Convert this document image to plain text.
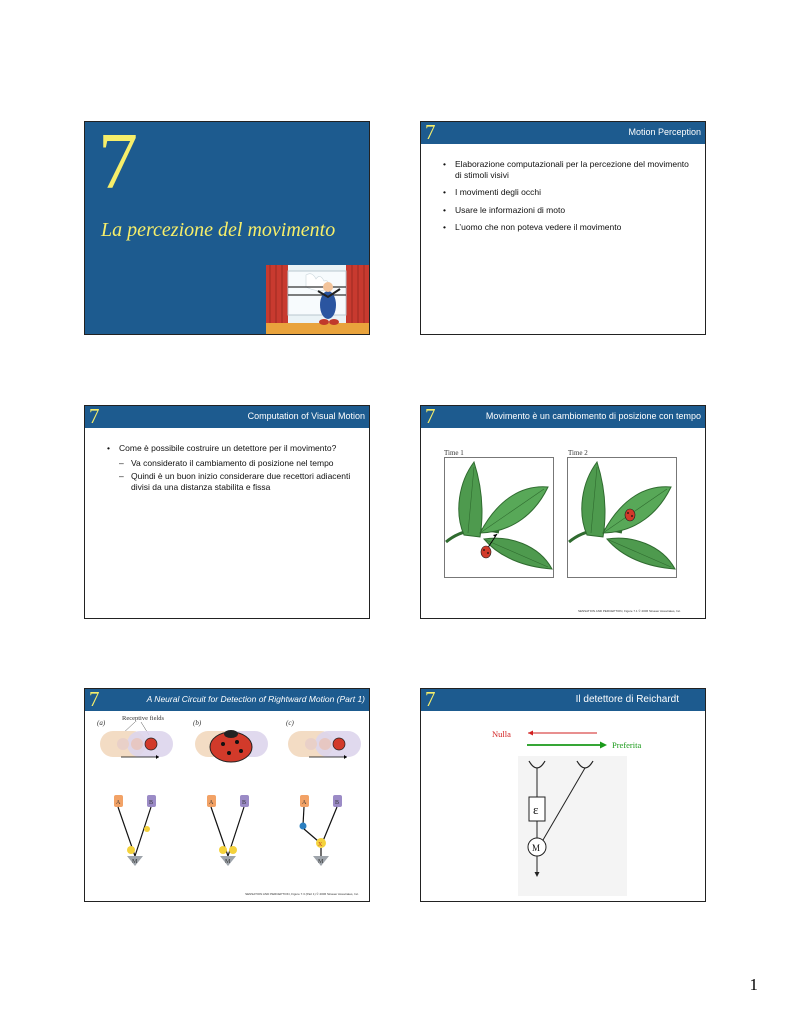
7
La percezione del movimento
7	Motion Perception
• Elaborazione computazionali per la percezione del movimento di stimoli visivi
• I movimenti degli occhi
• Usare le informazioni di moto
• L’uomo che non poteva vedere il movimento
7	Computation of Visual Motion
• Come è possibile costruire un detettore per il movimento?
– Va considerato il cambiamento di posizione nel tempo
– Quindi è un buon inizio considerare due recettori adiacenti divisi da una distanza stabilita e fissa
7	Movimento è un cambiomento di posizione con tempo
Time 1	Time 2
SENSATION AND PERCEPTION, Figure 7.1 © 2006 Sinauer Associates, Inc.
7	A Neural Circuit for Detection of Rightward Motion (Part 1)
(a)	(b)	(c)
Receptive fields
A	B
M
A	B
M
A	B
X
M
SENSATION AND PERCEPTION, Figure 7.3 (Part 1) © 2006 Sinauer Associates, Inc.
7	Il detettore di Reichardt
Nulla
Preferita
ε
M
1
